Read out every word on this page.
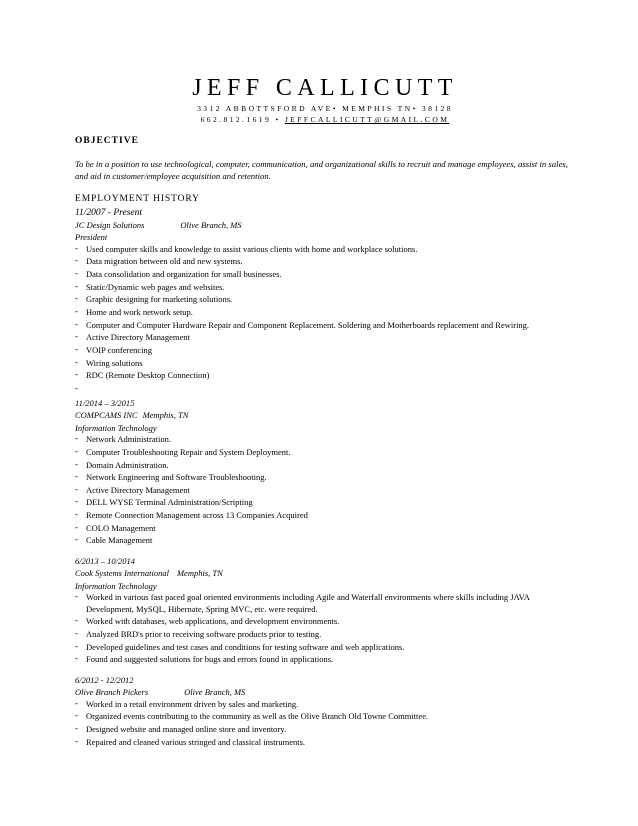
JEFF CALLICUTT
3312 ABBOTTSFORD AVE• MEMPHIS TN• 38128
662.812.1619 • JEFFCALLICUTT@GMAIL.COM
OBJECTIVE
To be in a position to use technological, computer, communication, and organizational skills to recruit and manage employees, assist in sales, and aid in customer/employee acquisition and retention.
EMPLOYMENT HISTORY
11/2007 - Present
JC Design Solutions	Olive Branch, MS
President
- Used computer skills and knowledge to assist various clients with home and workplace solutions.
- Data migration between old and new systems.
- Data consolidation and organization for small businesses.
- Static/Dynamic web pages and websites.
- Graphic designing for marketing solutions.
- Home and work network setup.
- Computer and Computer Hardware Repair and Component Replacement. Soldering and Motherboards replacement and Rewiring.
- Active Directory Management
- VOIP conferencing
- Wiring solutions
- RDC (Remote Desktop Connection)
-
11/2014 – 3/2015
COMPCAMS INC Memphis, TN
Information Technology
- Network Administration.
- Computer Troubleshooting Repair and System Deployment.
- Domain Administration.
- Network Engineering and Software Troubleshooting.
- Active Directory Management
- DELL WYSE Terminal Administration/Scripting
- Remote Connection Management across 13 Companies Acquired
- COLO Management
- Cable Management
6/2013 – 10/2014
Cook Systems International Memphis, TN
Information Technology
- Worked in various fast paced goal oriented environments including Agile and Waterfall environments where skills including JAVA Development, MySQL, Hibernate, Spring MVC, etc. were required.
- Worked with databases, web applications, and development environments.
- Analyzed BRD's prior to receiving software products prior to testing.
- Developed guidelines and test cases and conditions for testing software and web applications.
- Found and suggested solutions for bugs and errors found in applications.
6/2012 - 12/2012
Olive Branch Pickers	Olive Branch, MS
- Worked in a retail environment driven by sales and marketing.
- Organized events contributing to the community as well as the Olive Branch Old Towne Committee.
- Designed website and managed online store and inventory.
- Repaired and cleaned various stringed and classical instruments.
